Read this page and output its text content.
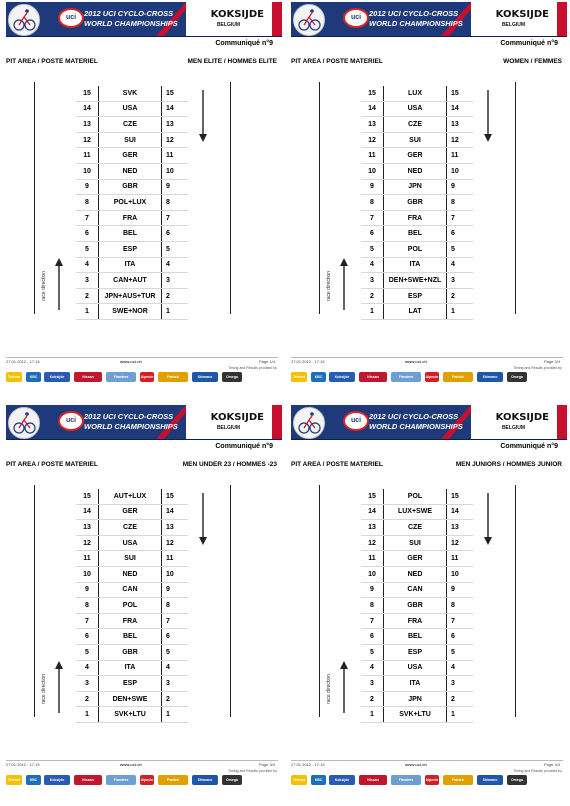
uci	2012 UCI CYCLO-CROSS
WORLD CHAMPIONSHIPS
KOKSIJDE
BELGIUM
Communiqué n°9
PIT AREA / POSTE MATERIEL	MEN ELITE / HOMMES ELITE
race direction
15	SVK	15
14	USA	14
13	CZE	13
12	SUI	12
11	GER	11
10	NED	10
9	GBR	9
8	POL+LUX	8
7	FRA	7
6	BEL	6
5	ESP	5
4	ITA	4
3	CAN+AUT	3
2	JPN+AUS+TUR	2
1	SWE+NOR	1
27.01.2012 - 17:15	www.uci.ch	Page 1/4
Timing and Results provided by
Telenet	KBC	Koksijde	Nissan	Flanders	Alpecin	Patrick	Shimano	Omega
uci	2012 UCI CYCLO-CROSS
WORLD CHAMPIONSHIPS
KOKSIJDE
BELGIUM
Communiqué n°9
PIT AREA / POSTE MATERIEL	WOMEN / FEMMES
race direction
15	LUX	15
14	USA	14
13	CZE	13
12	SUI	12
11	GER	11
10	NED	10
9	JPN	9
8	GBR	8
7	FRA	7
6	BEL	6
5	POL	5
4	ITA	4
3	DEN+SWE+NZL	3
2	ESP	2
1	LAT	1
27.01.2012 - 17:15	www.uci.ch	Page 2/4
Timing and Results provided by
Telenet	KBC	Koksijde	Nissan	Flanders	Alpecin	Patrick	Shimano	Omega
uci	2012 UCI CYCLO-CROSS
WORLD CHAMPIONSHIPS
KOKSIJDE
BELGIUM
Communiqué n°9
PIT AREA / POSTE MATERIEL	MEN UNDER 23 / HOMMES -23
race direction
15	AUT+LUX	15
14	GER	14
13	CZE	13
12	USA	12
11	SUI	11
10	NED	10
9	CAN	9
8	POL	8
7	FRA	7
6	BEL	6
5	GBR	5
4	ITA	4
3	ESP	3
2	DEN+SWE	2
1	SVK+LTU	1
27.01.2012 - 17:15	www.uci.ch	Page 3/4
Timing and Results provided by
Telenet	KBC	Koksijde	Nissan	Flanders	Alpecin	Patrick	Shimano	Omega
uci	2012 UCI CYCLO-CROSS
WORLD CHAMPIONSHIPS
KOKSIJDE
BELGIUM
Communiqué n°9
PIT AREA / POSTE MATERIEL	MEN JUNIORS / HOMMES JUNIOR
race direction
15	POL	15
14	LUX+SWE	14
13	CZE	13
12	SUI	12
11	GER	11
10	NED	10
9	CAN	9
8	GBR	8
7	FRA	7
6	BEL	6
5	ESP	5
4	USA	4
3	ITA	3
2	JPN	2
1	SVK+LTU	1
27.01.2012 - 17:15	www.uci.ch	Page 4/4
Timing and Results provided by
Telenet	KBC	Koksijde	Nissan	Flanders	Alpecin	Patrick	Shimano	Omega
